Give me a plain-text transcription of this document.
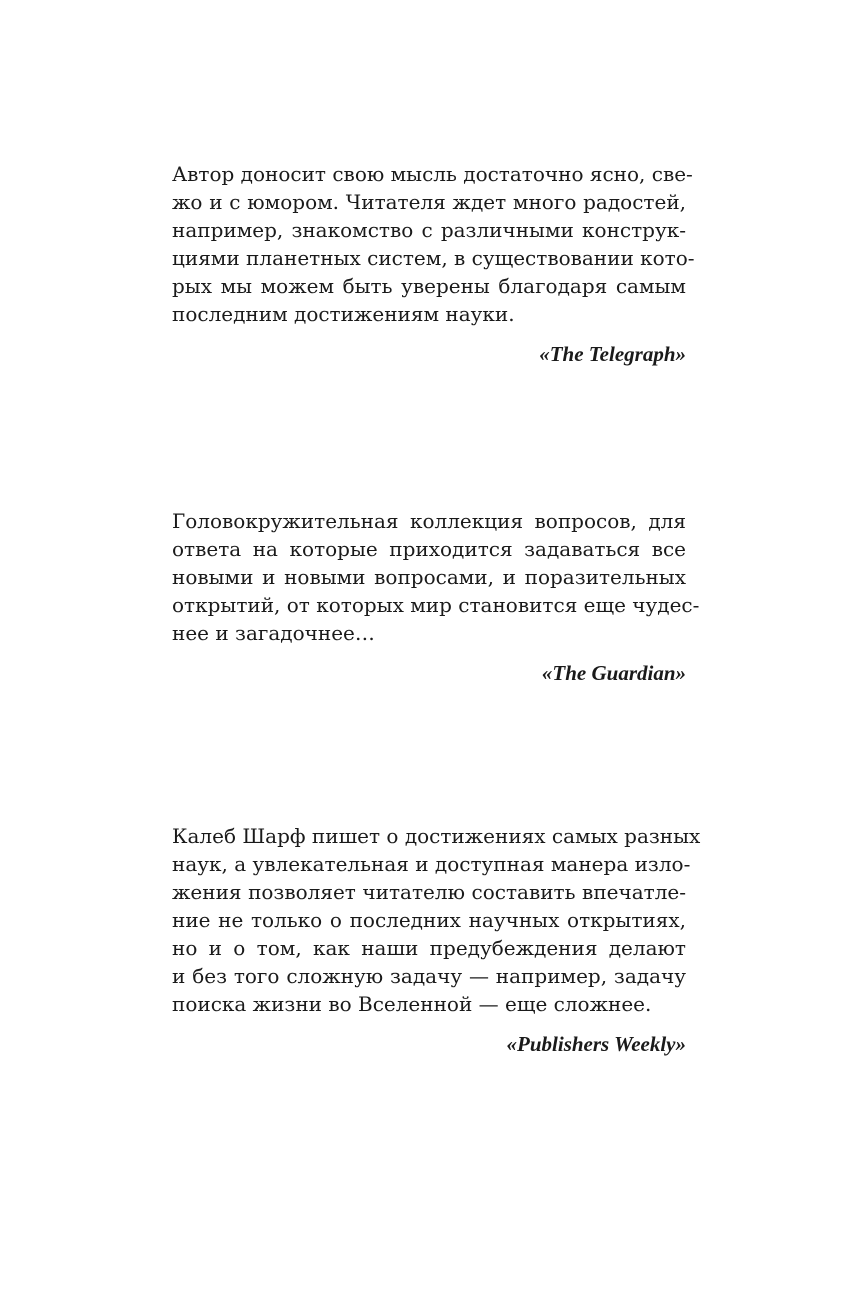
Автор доносит свою мысль достаточно ясно, све-
жо и с юмором. Читателя ждет много радостей,
например, знакомство с различными конструк-
циями планетных систем, в существовании кото-
рых мы можем быть уверены благодаря самым
последним достижениям науки.
«The Telegraph»
Головокружительная коллекция вопросов, для
ответа на которые приходится задаваться все
новыми и новыми вопросами, и поразительных
открытий, от которых мир становится еще чудес-
нее и загадочнее…
«The Guardian»
Калеб Шарф пишет о достижениях самых разных
наук, а увлекательная и доступная манера изло-
жения позволяет читателю составить впечатле-
ние не только о последних научных открытиях,
но и о том, как наши предубеждения делают
и без того сложную задачу — например, задачу
поиска жизни во Вселенной — еще сложнее.
«Publishers Weekly»
